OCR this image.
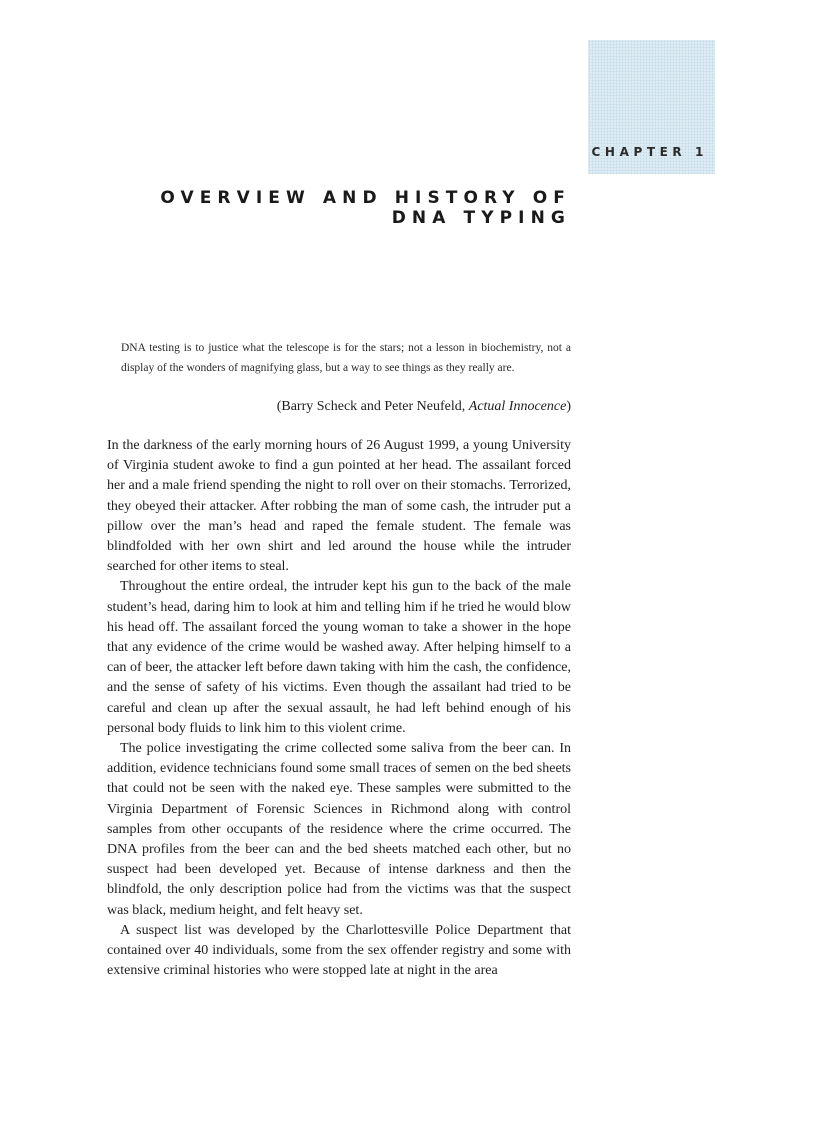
CHAPTER 1
OVERVIEW AND HISTORY OF
DNA TYPING
DNA testing is to justice what the telescope is for the stars; not a lesson in biochemistry, not a display of the wonders of magnifying glass, but a way to see things as they really are.
(Barry Scheck and Peter Neufeld, Actual Innocence)

In the darkness of the early morning hours of 26 August 1999, a young University of Virginia student awoke to find a gun pointed at her head. The assailant forced her and a male friend spending the night to roll over on their stomachs. Terrorized, they obeyed their attacker. After robbing the man of some cash, the intruder put a pillow over the man’s head and raped the female student. The female was blindfolded with her own shirt and led around the house while the intruder searched for other items to steal.

Throughout the entire ordeal, the intruder kept his gun to the back of the male student’s head, daring him to look at him and telling him if he tried he would blow his head off. The assailant forced the young woman to take a shower in the hope that any evidence of the crime would be washed away. After helping himself to a can of beer, the attacker left before dawn taking with him the cash, the confidence, and the sense of safety of his victims. Even though the assailant had tried to be careful and clean up after the sexual assault, he had left behind enough of his personal body fluids to link him to this violent crime.

The police investigating the crime collected some saliva from the beer can. In addition, evidence technicians found some small traces of semen on the bed sheets that could not be seen with the naked eye. These samples were submitted to the Virginia Department of Forensic Sciences in Richmond along with control samples from other occupants of the residence where the crime occurred. The DNA profiles from the beer can and the bed sheets matched each other, but no suspect had been developed yet. Because of intense darkness and then the blindfold, the only description police had from the victims was that the suspect was black, medium height, and felt heavy set.

A suspect list was developed by the Charlottesville Police Department that contained over 40 individuals, some from the sex offender registry and some with extensive criminal histories who were stopped late at night in the area
